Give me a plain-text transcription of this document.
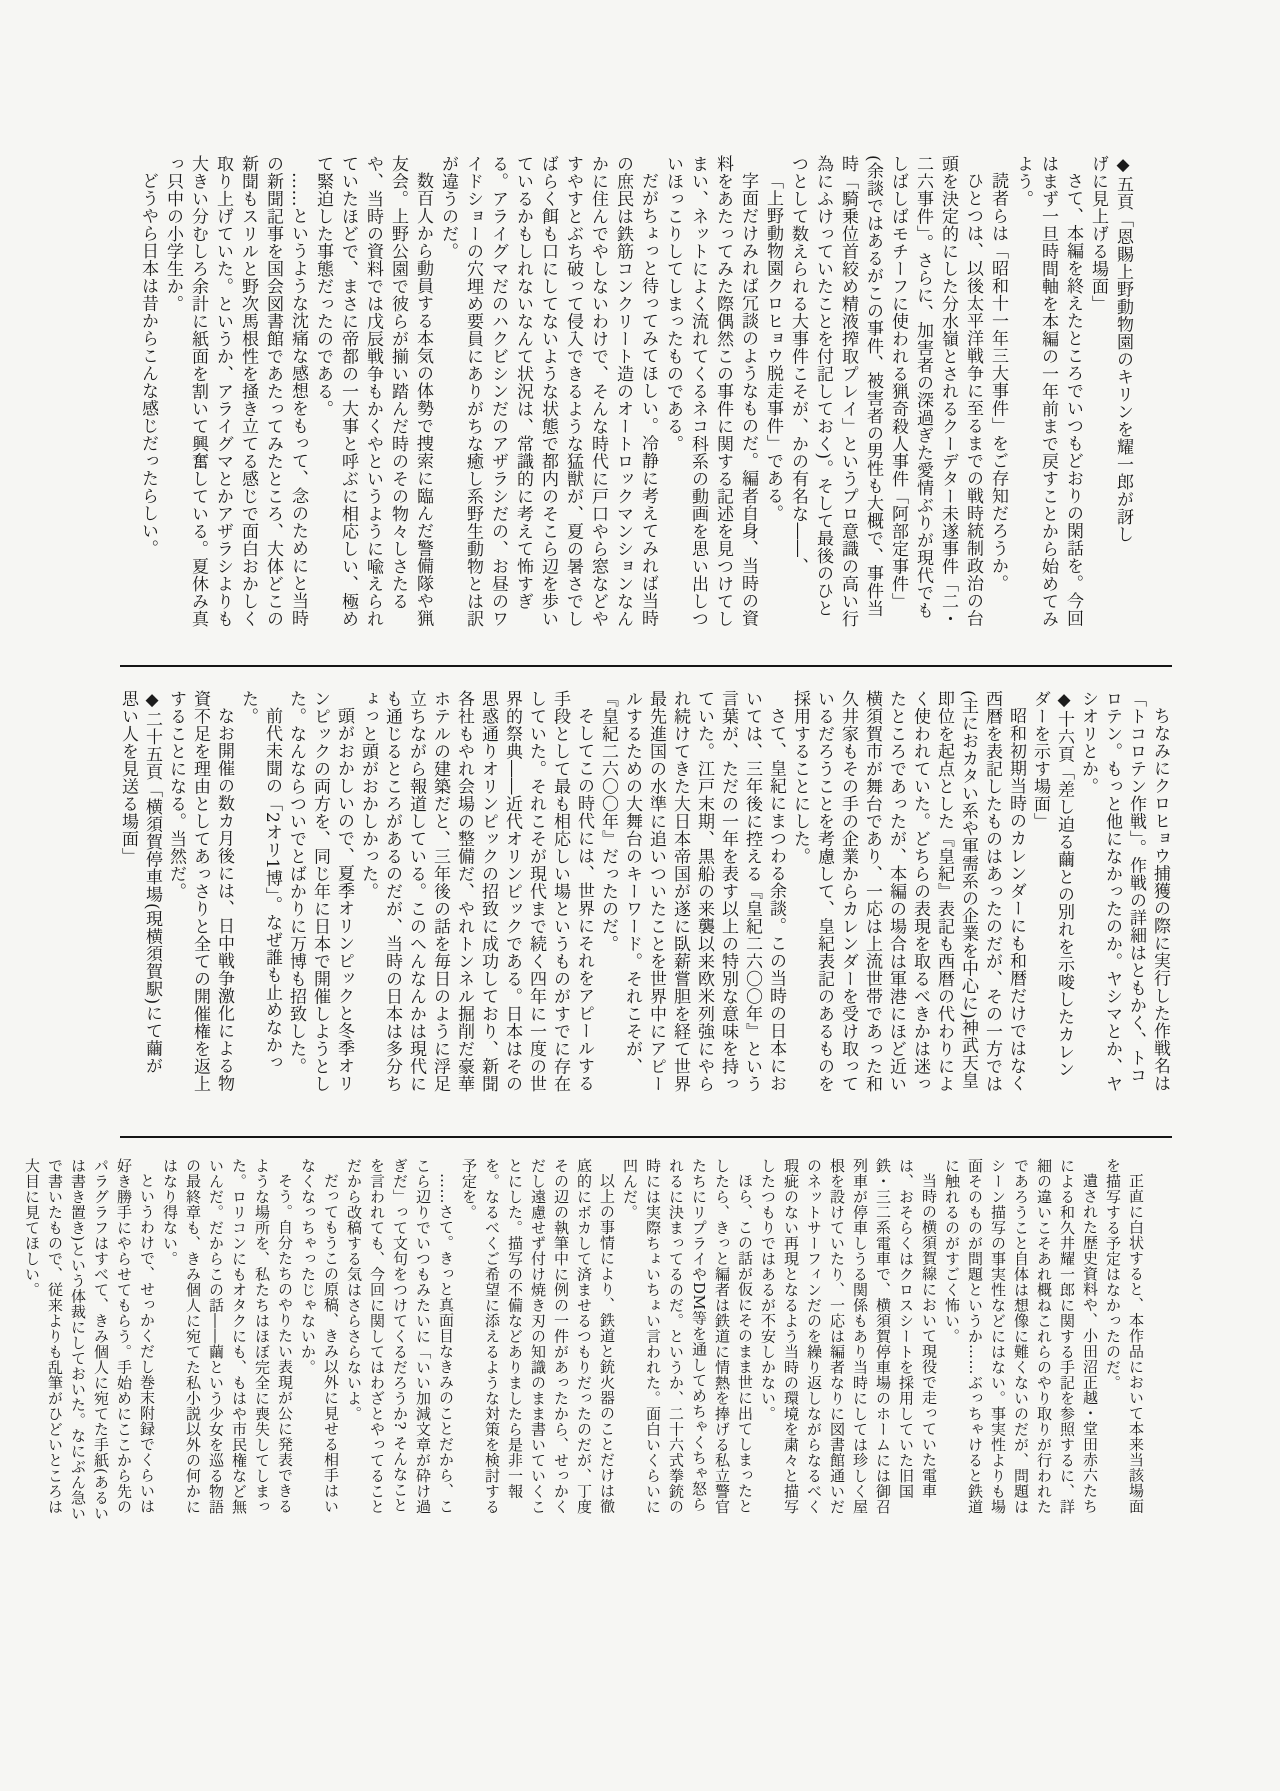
◆五頁「恩賜上野動物園のキリンを耀一郎が訝しげに見上げる場面」

さて、本編を終えたところでいつもどおりの閑話を。今回はまず一旦時間軸を本編の一年前まで戻すことから始めてみよう。

読者らは「昭和十一年三大事件」をご存知だろうか。

ひとつは、以後太平洋戦争に至るまでの戦時統制政治の台頭を決定的にした分水嶺とされるクーデター未遂事件「二・二六事件」。さらに、加害者の深過ぎた愛情ぶりが現代でもしばしばモチーフに使われる猟奇殺人事件「阿部定事件」(余談ではあるがこの事件、被害者の男性も大概で、事件当時「騎乗位首絞め精液搾取プレイ」というプロ意識の高い行為にふけっていたことを付記しておく)。そして最後のひとつとして数えられる大事件こそが、かの有名な――、

「上野動物園クロヒョウ脱走事件」である。

字面だけみれば冗談のようなものだ。編者自身、当時の資料をあたってみた際偶然この事件に関する記述を見つけてしまい、ネットによく流れてくるネコ科系の動画を思い出しついほっこりしてしまったものである。

だがちょっと待ってみてほしい。冷静に考えてみれば当時の庶民は鉄筋コンクリート造のオートロックマンションなんかに住んでやしないわけで、そんな時代に戸口やら窓などやすやすとぶち破って侵入できるような猛獣が、夏の暑さでしばらく餌も口にしてないような状態で都内のそこら辺を歩いているかもしれないなんて状況は、常識的に考えて怖すぎる。アライグマだのハクビシンだのアザラシだの、お昼のワイドショーの穴埋め要員にありがちな癒し系野生動物とは訳が違うのだ。

数百人から動員する本気の体勢で捜索に臨んだ警備隊や猟友会。上野公園で彼らが揃い踏んだ時のその物々しさたるや、当時の資料では戊辰戦争もかくやというように喩えられていたほどで、まさに帝都の一大事と呼ぶに相応しい、極めて緊迫した事態だったのである。

……というような沈痛な感想をもって、念のためにと当時の新聞記事を国会図書館であたってみたところ、大体どこの新聞もスリルと野次馬根性を掻き立てる感じで面白おかしく取り上げていた。というか、アライグマとかアザラシよりも大きい分むしろ余計に紙面を割いて興奮している。夏休み真っ只中の小学生か。

どうやら日本は昔からこんな感じだったらしい。

ちなみにクロヒョウ捕獲の際に実行した作戦名は「トコロテン作戦」。作戦の詳細はともかく、トコロテン。もっと他になかったのか。ヤシマとか、ヤシオリとか。

◆十六頁「差し迫る繭との別れを示唆したカレンダーを示す場面」

昭和初期当時のカレンダーにも和暦だけではなく西暦を表記したものはあったのだが、その一方では(主におカタい系や軍需系の企業を中心に)神武天皇即位を起点とした『皇紀』表記も西暦の代わりによく使われていた。どちらの表現を取るべきかは迷ったところであったが、本編の場合は軍港にほど近い横須賀市が舞台であり、一応は上流世帯であった和久井家もその手の企業からカレンダーを受け取っているだろうことを考慮して、皇紀表記のあるものを採用することにした。

さて、皇紀にまつわる余談。この当時の日本においては、三年後に控える『皇紀二六〇〇年』という言葉が、ただの一年を表す以上の特別な意味を持っていた。江戸末期、黒船の来襲以来欧米列強にやられ続けてきた大日本帝国が遂に臥薪嘗胆を経て世界最先進国の水準に追いついたことを世界中にアピールするための大舞台のキーワード。それこそが、『皇紀二六〇〇年』だったのだ。

そしてこの時代には、世界にそれをアピールする手段として最も相応しい場というものがすでに存在していた。それこそが現代まで続く四年に一度の世界的祭典――近代オリンピックである。日本はその思惑通りオリンピックの招致に成功しており、新聞各社もやれ会場の整備だ、やれトンネル掘削だ豪華ホテルの建築だと、三年後の話を毎日のように浮足立ちながら報道している。このへんなんかは現代にも通じるところがあるのだが、当時の日本は多分ちょっと頭がおかしかった。

頭がおかしいので、夏季オリンピックと冬季オリンピックの両方を、同じ年に日本で開催しようとした。なんならついでとばかりに万博も招致した。

前代未聞の「2オリ1博」。なぜ誰も止めなかった。

なお開催の数カ月後には、日中戦争激化による物資不足を理由としてあっさりと全ての開催権を返上することになる。当然だ。

◆二十五頁「横須賀停車場(現横須賀駅)にて繭が思い人を見送る場面」

正直に白状すると、本作品において本来当該場面を描写する予定はなかったのだ。

遺された歴史資料や、小田沼正越・堂田赤六たちによる和久井耀一郎に関する手記を参照するに、詳細の違いこそあれ概ねこれらのやり取りが行われたであろうこと自体は想像に難くないのだが、問題はシーン描写の事実性などにはない。事実性よりも場面そのものが問題というか……ぶっちゃけると鉄道に触れるのがすごく怖い。

当時の横須賀線において現役で走っていた電車は、おそらくはクロスシートを採用していた旧国鉄・三二系電車で、横須賀停車場のホームには御召列車が停車しうる関係もあり当時にしては珍しく屋根を設けていたり、一応は編者なりに図書館通いだのネットサーフィンだのを繰り返しながらなるべく瑕疵のない再現となるよう当時の環境を粛々と描写したつもりではあるが不安しかない。

ほら、この話が仮にそのまま世に出てしまったとしたら、きっと編者は鉄道に情熱を捧げる私立警官たちにリプライやDM等を通してめちゃくちゃ怒られるに決まってるのだ。というか、二十六式拳銃の時には実際ちょいちょい言われた。面白いくらいに凹んだ。

以上の事情により、鉄道と銃火器のことだけは徹底的にボカして済ませるつもりだったのだが、丁度その辺の執筆中に例の一件があったから、せっかくだし遠慮せず付け焼き刃の知識のまま書いていくことにした。描写の不備などありましたら是非一報を。なるべくご希望に添えるような対策を検討する予定を。

……さて。きっと真面目なきみのことだから、ここら辺りでいつもみたいに「いい加減文章が砕け過ぎだ」って文句をつけてくるだろうか? そんなことを言われても、今回に関してはわざとやってることだから改稿する気はさらさらないよ。

だってもうこの原稿、きみ以外に見せる相手はいなくなっちゃったじゃないか。

そう。自分たちのやりたい表現が公に発表できるような場所を、私たちはほぼ完全に喪失してしまった。ロリコンにもオタクにも、もはや市民権など無いんだ。だからこの話――繭という少女を巡る物語の最終章も、きみ個人に宛てた私小説以外の何かにはなり得ない。

というわけで、せっかくだし巻末附録でくらいは好き勝手にやらせてもらう。手始めにここから先のパラグラフはすべて、きみ個人に宛てた手紙(あるいは書き置き)という体裁にしておいた。なにぶん急いで書いたもので、従来よりも乱筆がひどいところは大目に見てほしい。
